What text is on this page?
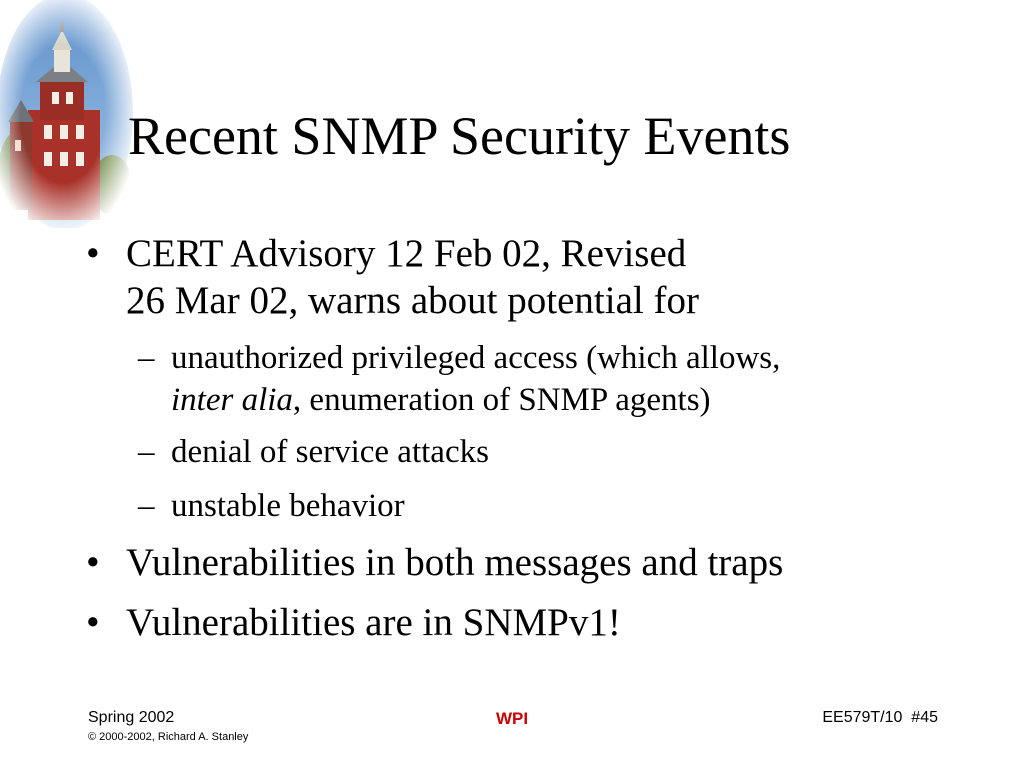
Recent SNMP Security Events
• CERT Advisory 12 Feb 02, Revised
26 Mar 02, warns about potential for
– unauthorized privileged access (which allows,
inter alia, enumeration of SNMP agents)
– denial of service attacks
– unstable behavior
• Vulnerabilities in both messages and traps
• Vulnerabilities are in SNMPv1!
Spring 2002
© 2000-2002, Richard A. Stanley
WPI	EE579T/10  #45
